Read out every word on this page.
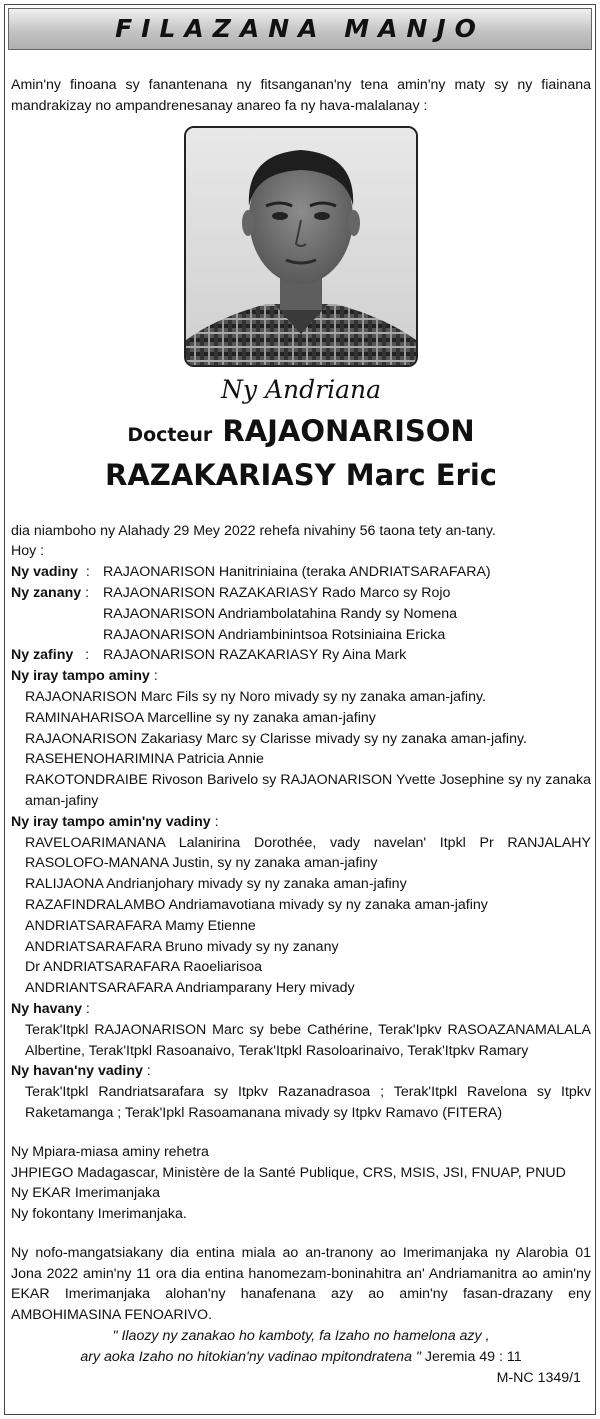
FILAZANA MANJO

Amin'ny finoana sy fanantenana ny fitsanganan'ny tena amin'ny maty sy ny fiainana mandrakizay no ampandrenesanay anareo fa ny hava-malalanay :

Ny Andriana
Docteur RAJAONARISON
RAZAKARIASY Marc Eric
dia niamboho ny Alahady 29 Mey 2022 rehefa nivahiny 56 taona tety an-tany.
Hoy :
Ny vadiny : RAJAONARISON Hanitriniaina (teraka ANDRIATSARAFARA)
Ny zanany : RAJAONARISON RAZAKARIASY Rado Marco sy Rojo
RAJAONARISON Andriambolatahina Randy sy Nomena
RAJAONARISON Andriambinintsoa Rotsiniaina Ericka
Ny zafiny : RAJAONARISON RAZAKARIASY Ry Aina Mark
Ny iray tampo aminy :
RAJAONARISON Marc Fils sy ny Noro mivady sy ny zanaka aman-jafiny.
RAMINAHARISOA Marcelline sy ny zanaka aman-jafiny
RAJAONARISON Zakariasy Marc sy Clarisse mivady sy ny zanaka aman-jafiny.
RASEHENOHARIMINA Patricia Annie
RAKOTONDRAIBE Rivoson Barivelo sy RAJAONARISON Yvette Josephine sy ny zanaka aman-jafiny
Ny iray tampo amin'ny vadiny :
RAVELOARIMANANA Lalanirina Dorothée, vady navelan' Itpkl Pr RANJALAHY RASOLOFO-MANANA Justin, sy ny zanaka aman-jafiny
RALIJAONA Andrianjohary mivady sy ny zanaka aman-jafiny
RAZAFINDRALAMBO Andriamavotiana mivady sy ny zanaka aman-jafiny
ANDRIATSARAFARA Mamy Etienne
ANDRIATSARAFARA Bruno mivady sy ny zanany
Dr ANDRIATSARAFARA Raoeliarisoa
ANDRIANTSARAFARA Andriamparany Hery mivady
Ny havany :
Terak'Itpkl RAJAONARISON Marc sy bebe Cathérine, Terak'Ipkv RASOAZANAMALALA Albertine, Terak'Itpkl Rasoanaivo, Terak'Itpkl Rasoloarinaivo, Terak'Itpkv Ramary
Ny havan'ny vadiny :
Terak'Itpkl Randriatsarafara sy Itpkv Razanadrasoa ; Terak'Itpkl Ravelona sy Itpkv Raketamanga ; Terak'Ipkl Rasoamanana mivady sy Itpkv Ramavo (FITERA)
Ny Mpiara-miasa aminy rehetra
JHPIEGO Madagascar, Ministère de la Santé Publique, CRS, MSIS, JSI, FNUAP, PNUD
Ny EKAR Imerimanjaka
Ny fokontany Imerimanjaka.

Ny nofo-mangatsiakany dia entina miala ao an-tranony ao Imerimanjaka ny Alarobia 01 Jona 2022 amin'ny 11 ora dia entina hanomezam-boninahitra an' Andriamanitra ao amin'ny EKAR Imerimanjaka alohan'ny hanafenana azy ao amin'ny fasan-drazany eny AMBOHIMASINA FENOARIVO.

" Ilaozy ny zanakao ho kamboty, fa Izaho no hamelona azy ,
ary aoka Izaho no hitokian'ny vadinao mpitondratena " Jeremia 49 : 11
M-NC 1349/1
